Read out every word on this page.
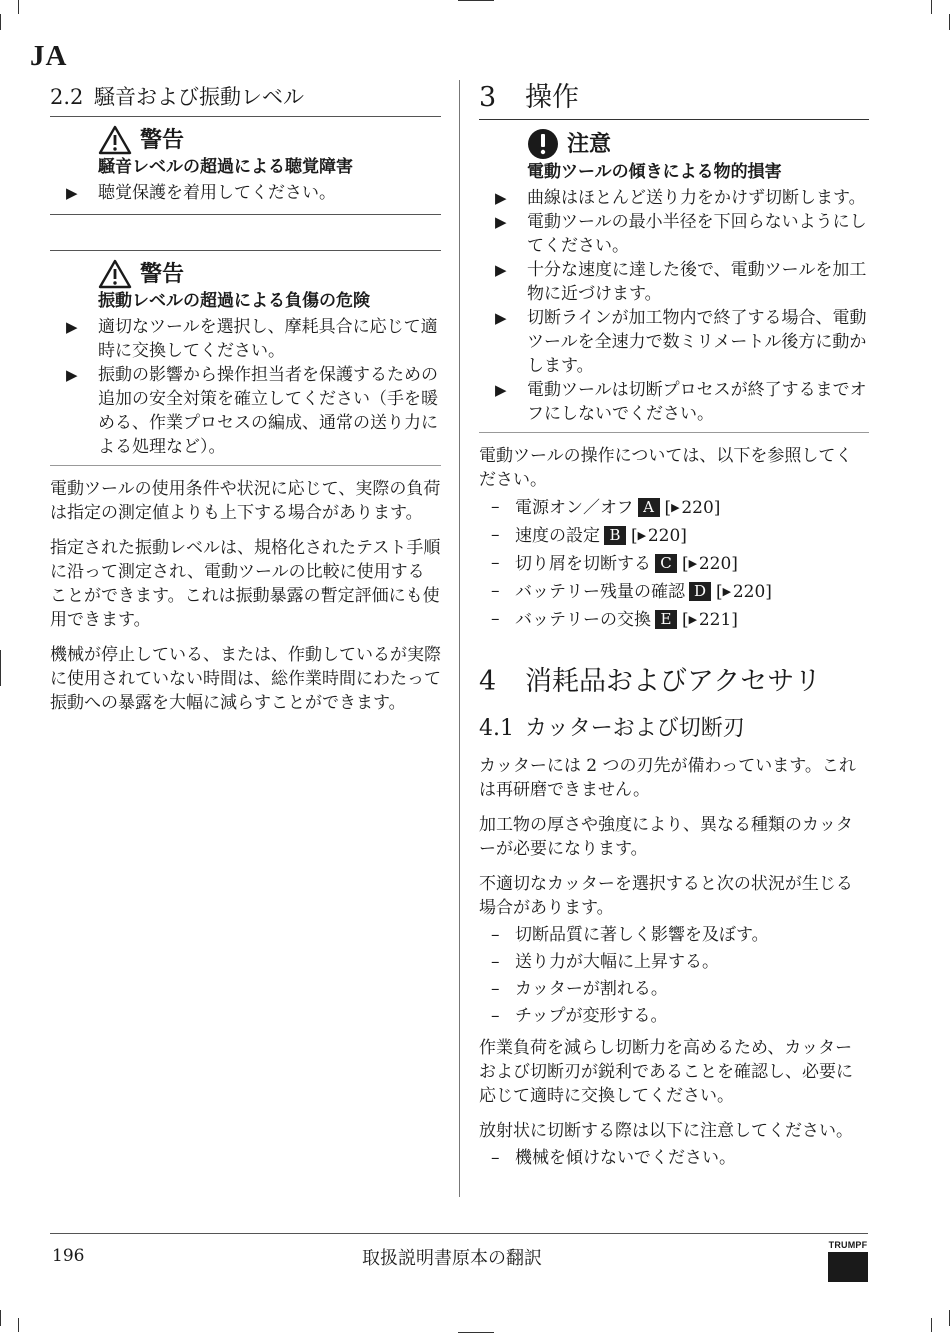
JA
2.2 騒音および振動レベル
警告
騒音レベルの超過による聴覚障害
▶ 聴覚保護を着用してください。
警告
振動レベルの超過による負傷の危険
▶ 適切なツールを選択し、摩耗具合に応じて適時に交換してください。
▶ 振動の影響から操作担当者を保護するための追加の安全対策を確立してください（手を暖める、作業プロセスの編成、通常の送り力による処理など）。

電動ツールの使用条件や状況に応じて、実際の負荷は指定の測定値よりも上下する場合があります。

指定された振動レベルは、規格化されたテスト手順に沿って測定され、電動ツールの比較に使用することができます。これは振動暴露の暫定評価にも使用できます。

機械が停止している、または、作動しているが実際に使用されていない時間は、総作業時間にわたって振動への暴露を大幅に減らすことができます。

3 操作
注意
電動ツールの傾きによる物的損害
▶ 曲線はほとんど送り力をかけず切断します。
▶ 電動ツールの最小半径を下回らないようにしてください。
▶ 十分な速度に達した後で、電動ツールを加工物に近づけます。
▶ 切断ラインが加工物内で終了する場合、電動ツールを全速力で数ミリメートル後方に動かします。
▶ 電動ツールは切断プロセスが終了するまでオフにしないでください。

電動ツールの操作については、以下を参照してください。

– 電源オン／オフ A [▶  220]
– 速度の設定 B [▶  220]
– 切り屑を切断する C [▶  220]
– バッテリー残量の確認 D [▶  220]
– バッテリーの交換 E [▶  221]
4 消耗品およびアクセサリ
4.1 カッターおよび切断刃

カッターには 2 つの刃先が備わっています。これは再研磨できません。

加工物の厚さや強度により、異なる種類のカッターが必要になります。

不適切なカッターを選択すると次の状況が生じる場合があります。

– 切断品質に著しく影響を及ぼす。
– 送り力が大幅に上昇する。
– カッターが割れる。
– チップが変形する。

作業負荷を減らし切断力を高めるため、カッターおよび切断刃が鋭利であることを確認し、必要に応じて適時に交換してください。

放射状に切断する際は以下に注意してください。

– 機械を傾けないでください。
196	取扱説明書原本の翻訳
TRUMPF
